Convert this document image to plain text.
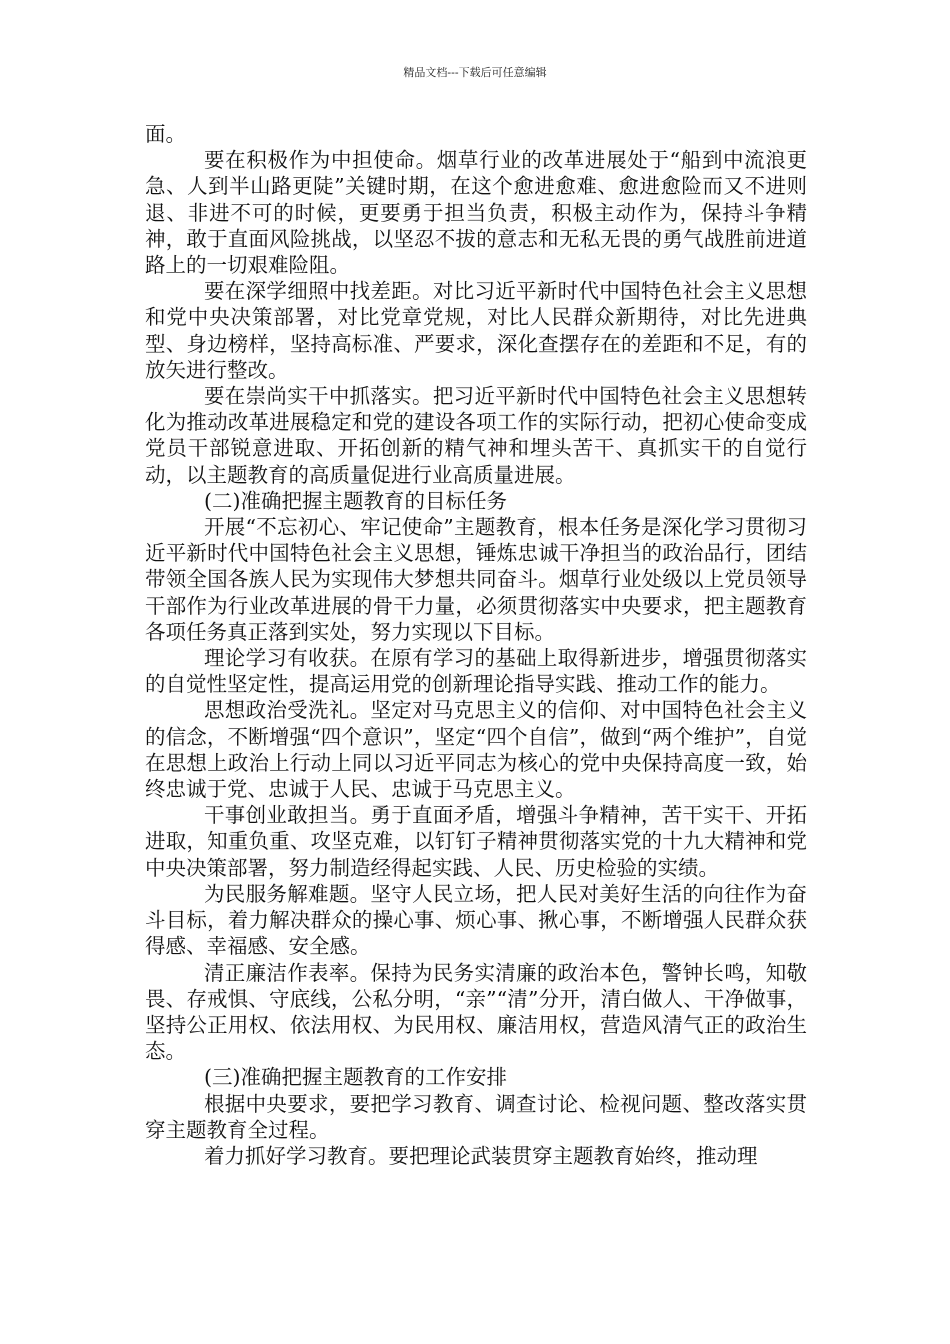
精品文档---下载后可任意编辑

面。

要在积极作为中担使命。烟草行业的改革进展处于“船到中流浪更急、人到半山路更陡”关键时期，在这个愈进愈难、愈进愈险而又不进则退、非进不可的时候，更要勇于担当负责，积极主动作为，保持斗争精神，敢于直面风险挑战，以坚忍不拔的意志和无私无畏的勇气战胜前进道路上的一切艰难险阻。

要在深学细照中找差距。对比习近平新时代中国特色社会主义思想和党中央决策部署，对比党章党规，对比人民群众新期待，对比先进典型、身边榜样，坚持高标准、严要求，深化查摆存在的差距和不足，有的放矢进行整改。

要在崇尚实干中抓落实。把习近平新时代中国特色社会主义思想转化为推动改革进展稳定和党的建设各项工作的实际行动，把初心使命变成党员干部锐意进取、开拓创新的精气神和埋头苦干、真抓实干的自觉行动，以主题教育的高质量促进行业高质量进展。

(二)准确把握主题教育的目标任务

开展“不忘初心、牢记使命”主题教育，根本任务是深化学习贯彻习近平新时代中国特色社会主义思想，锤炼忠诚干净担当的政治品行，团结带领全国各族人民为实现伟大梦想共同奋斗。烟草行业处级以上党员领导干部作为行业改革进展的骨干力量，必须贯彻落实中央要求，把主题教育各项任务真正落到实处，努力实现以下目标。

理论学习有收获。在原有学习的基础上取得新进步，增强贯彻落实的自觉性坚定性，提高运用党的创新理论指导实践、推动工作的能力。

思想政治受洗礼。坚定对马克思主义的信仰、对中国特色社会主义的信念，不断增强“四个意识”，坚定“四个自信”，做到“两个维护”，自觉在思想上政治上行动上同以习近平同志为核心的党中央保持高度一致，始终忠诚于党、忠诚于人民、忠诚于马克思主义。

干事创业敢担当。勇于直面矛盾，增强斗争精神，苦干实干、开拓进取，知重负重、攻坚克难，以钉钉子精神贯彻落实党的十九大精神和党中央决策部署，努力制造经得起实践、人民、历史检验的实绩。

为民服务解难题。坚守人民立场，把人民对美好生活的向往作为奋斗目标，着力解决群众的操心事、烦心事、揪心事，不断增强人民群众获得感、幸福感、安全感。

清正廉洁作表率。保持为民务实清廉的政治本色，警钟长鸣，知敬畏、存戒惧、守底线，公私分明，“亲”“清”分开，清白做人、干净做事，坚持公正用权、依法用权、为民用权、廉洁用权，营造风清气正的政治生态。

(三)准确把握主题教育的工作安排

根据中央要求，要把学习教育、调查讨论、检视问题、整改落实贯穿主题教育全过程。

着力抓好学习教育。要把理论武装贯穿主题教育始终，推动理
